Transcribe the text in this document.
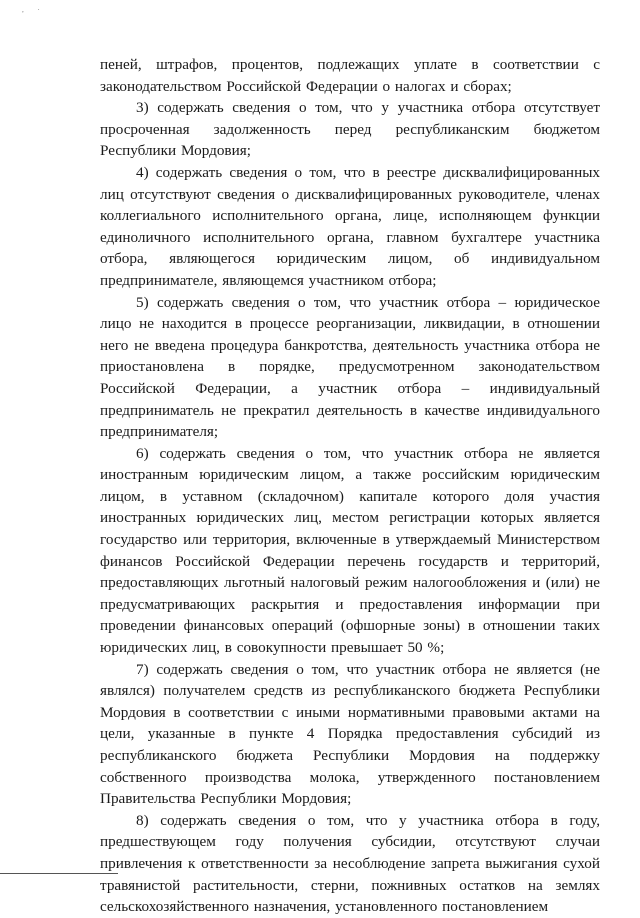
, ·

пеней, штрафов, процентов, подлежащих уплате в соответствии с законодательством Российской Федерации о налогах и сборах;

3) содержать сведения о том, что у участника отбора отсутствует просроченная задолженность перед республиканским бюджетом Республики Мордовия;

4) содержать сведения о том, что в реестре дисквалифицированных лиц отсутствуют сведения о дисквалифицированных руководителе, членах коллегиального исполнительного органа, лице, исполняющем функции единоличного исполнительного органа, главном бухгалтере участника отбора, являющегося юридическим лицом, об индивидуальном предпринимателе, являющемся участником отбора;

5) содержать сведения о том, что участник отбора – юридическое лицо не находится в процессе реорганизации, ликвидации, в отношении него не введена процедура банкротства, деятельность участника отбора не приостановлена в порядке, предусмотренном законодательством Российской Федерации, а участник отбора – индивидуальный предприниматель не прекратил деятельность в качестве индивидуального предпринимателя;

6) содержать сведения о том, что участник отбора не является иностранным юридическим лицом, а также российским юридическим лицом, в уставном (складочном) капитале которого доля участия иностранных юридических лиц, местом регистрации которых является государство или территория, включенные в утверждаемый Министерством финансов Российской Федерации перечень государств и территорий, предоставляющих льготный налоговый режим налогообложения и (или) не предусматривающих раскрытия и предоставления информации при проведении финансовых операций (офшорные зоны) в отношении таких юридических лиц, в совокупности превышает 50 %;

7) содержать сведения о том, что участник отбора не является (не являлся) получателем средств из республиканского бюджета Республики Мордовия в соответствии с иными нормативными правовыми актами на цели, указанные в пункте 4 Порядка предоставления субсидий из республиканского бюджета Республики Мордовия на поддержку собственного производства молока, утвержденного постановлением Правительства Республики Мордовия;

8) содержать сведения о том, что у участника отбора в году, предшествующем году получения субсидии, отсутствуют случаи привлечения к ответственности за несоблюдение запрета выжигания сухой травянистой растительности, стерни, пожнивных остатков на землях сельскохозяйственного назначения, установленного постановлением
